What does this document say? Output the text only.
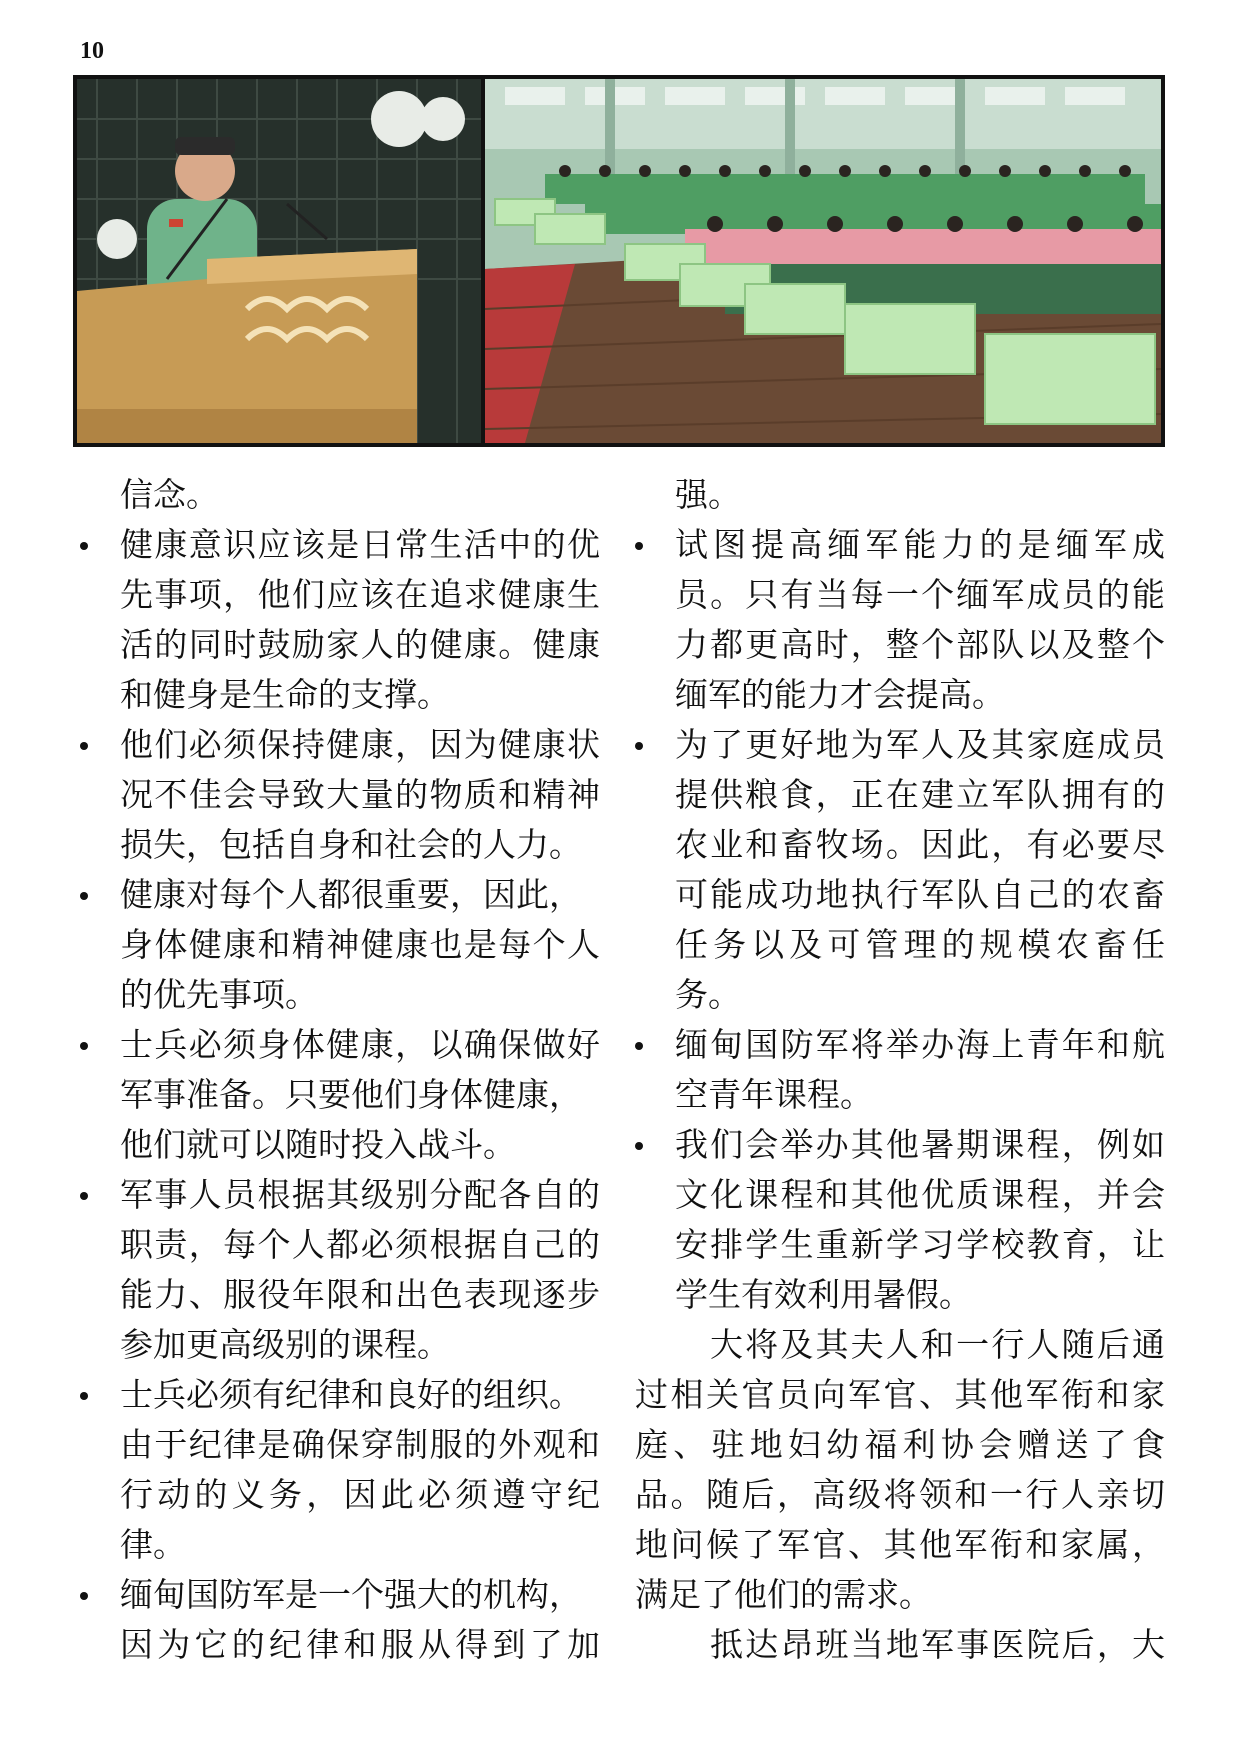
10
信念。
健康意识应该是日常生活中的优
先事项，他们应该在追求健康生
活的同时鼓励家人的健康。健康
和健身是生命的支撑。
他们必须保持健康，因为健康状
况不佳会导致大量的物质和精神
损失，包括自身和社会的人力。
健康对每个人都很重要，因此，
身体健康和精神健康也是每个人
的优先事项。
士兵必须身体健康，以确保做好
军事准备。只要他们身体健康，
他们就可以随时投入战斗。
军事人员根据其级别分配各自的
职责，每个人都必须根据自己的
能力、服役年限和出色表现逐步
参加更高级别的课程。
士兵必须有纪律和良好的组织。
由于纪律是确保穿制服的外观和
行动的义务，因此必须遵守纪
律。
缅甸国防军是一个强大的机构，
因为它的纪律和服从得到了加
强。
试图提高缅军能力的是缅军成
员。只有当每一个缅军成员的能
力都更高时，整个部队以及整个
缅军的能力才会提高。
为了更好地为军人及其家庭成员
提供粮食，正在建立军队拥有的
农业和畜牧场。因此，有必要尽
可能成功地执行军队自己的农畜
任务以及可管理的规模农畜任
务。
缅甸国防军将举办海上青年和航
空青年课程。
我们会举办其他暑期课程，例如
文化课程和其他优质课程，并会
安排学生重新学习学校教育，让
学生有效利用暑假。
大将及其夫人和一行人随后通
过相关官员向军官、其他军衔和家
庭、驻地妇幼福利协会赠送了食
品。随后，高级将领和一行人亲切
地问候了军官、其他军衔和家属，
满足了他们的需求。
抵达昂班当地军事医院后，大
